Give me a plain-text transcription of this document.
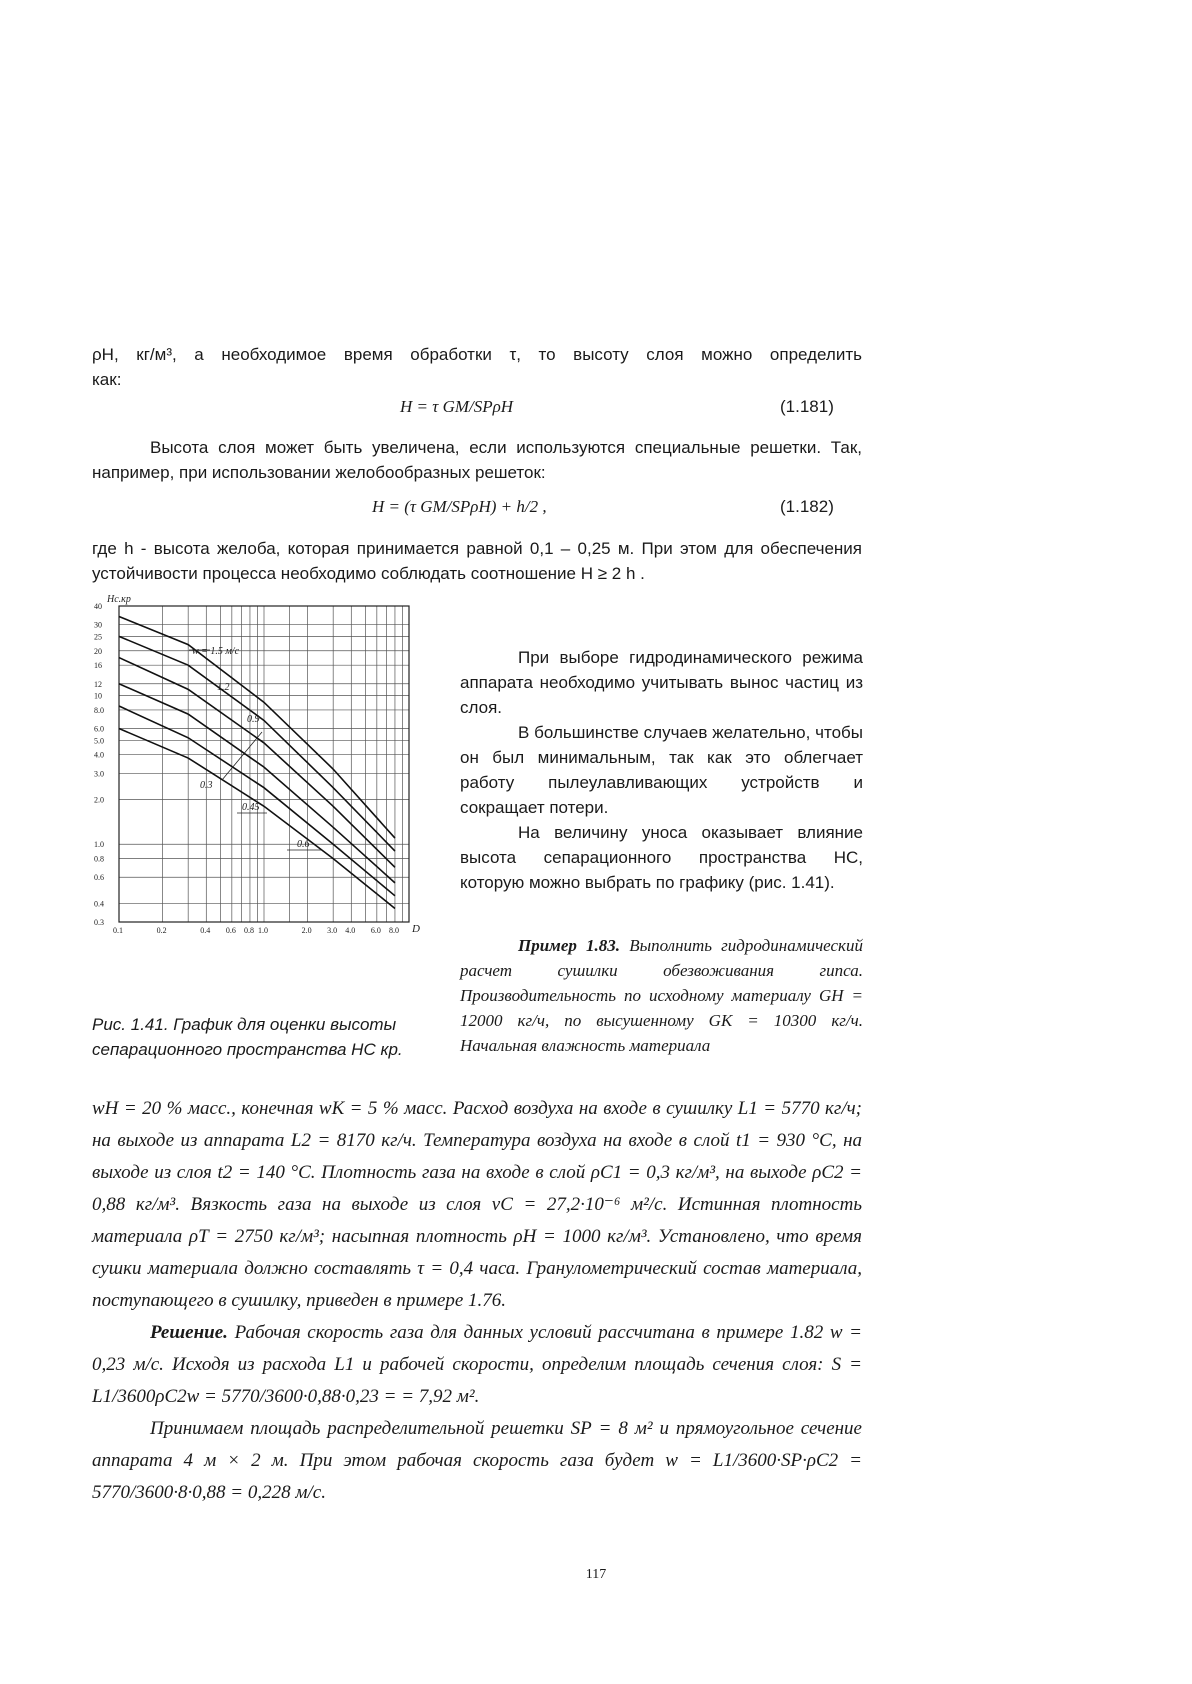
ρН, кг/м³, а необходимое время обработки τ, то высоту слоя можно определить
как:

H = τ GМ/SРρН	(1.181)

Высота слоя может быть увеличена, если используются специальные решетки. Так, например, при использовании желобообразных решеток:

H = (τ GМ/SРρН) + h/2 ,	(1.182)

где h - высота желоба, которая принимается равной 0,1 – 0,25 м. При этом для обеспечения устойчивости процесса необходимо соблюдать соотношение H ≥ 2 h .

Hс.кр
40
30
25
20
16
12
10
8.0
6.0
5.0
4.0
3.0
2.0
1.0
0.8
0.6
0.4
0.3
0.1	0.2	0.4 0.6 0.8 1.0	2.0 3.0 4.0 6.0 8.0 D
w = 1.5 м/с
1.2
0.9
0.3
0.45
0.6
Рис. 1.41. График для оценки высоты сепарационного пространства HС кр.

При выборе гидродинамического режима аппарата необходимо учитывать вынос частиц из слоя.

В большинстве случаев желательно, чтобы он был минимальным, так как это облегчает работу пылеулавливающих устройств и сокращает потери.

На величину уноса оказывает влияние высота сепарационного пространства HС, которую можно выбрать по графику (рис. 1.41).

Пример 1.83. Выполнить гидродинамический расчет сушилки обезвоживания гипса. Производительность по исходному материалу GН = 12000 кг/ч, по высушенному GК = 10300 кг/ч. Начальная влажность материала

wН = 20 % масс., конечная wК = 5 % масс. Расход воздуха на входе в сушилку L1 = 5770 кг/ч; на выходе из аппарата L2 = 8170 кг/ч. Температура воздуха на входе в слой t1 = 930 °C, на выходе из слоя t2 = 140 °C. Плотность газа на входе в слой ρС1 = 0,3 кг/м³, на выходе ρС2 = 0,88 кг/м³. Вязкость газа на выходе из слоя νС = 27,2·10⁻⁶ м²/с. Истинная плотность материала ρТ = 2750 кг/м³; насыпная плотность ρН = 1000 кг/м³. Установлено, что время сушки материала должно составлять τ = 0,4 часа. Гранулометрический состав материала, поступающего в сушилку, приведен в примере 1.76.

Решение. Рабочая скорость газа для данных условий рассчитана в примере 1.82 w = 0,23 м/с. Исходя из расхода L1 и рабочей скорости, определим площадь сечения слоя: S = L1/3600ρС2w = 5770/3600·0,88·0,23 = = 7,92 м².

Принимаем площадь распределительной решетки SР = 8 м² и прямоугольное сечение аппарата 4 м × 2 м. При этом рабочая скорость газа будет w = L1/3600·SР·ρС2 = 5770/3600·8·0,88 = 0,228 м/с.

117
